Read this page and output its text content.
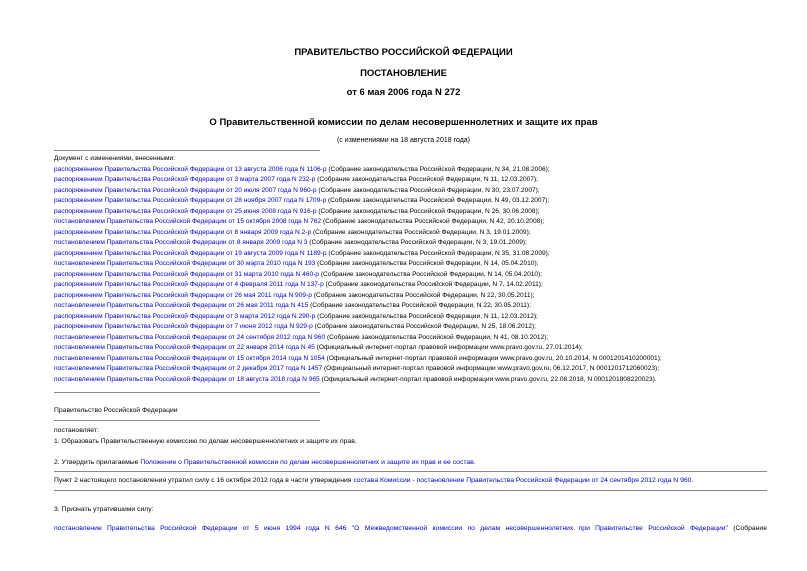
ПРАВИТЕЛЬСТВО РОССИЙСКОЙ ФЕДЕРАЦИИ
ПОСТАНОВЛЕНИЕ
от 6 мая 2006 года N 272
О Правительственной комиссии по делам несовершеннолетних и защите их прав
(с изменениями на 18 августа 2018 года)
Документ с изменениями, внесенными:
распоряжением Правительства Российской Федерации от 13 августа 2006 года N 1106-р (Собрание законодательства Российской Федерации, N 34, 21.08.2006);
распоряжением Правительства Российской Федерации от 3 марта 2007 года N 232-р (Собрание законодательства Российской Федерации, N 11, 12.03.2007);
распоряжением Правительства Российской Федерации от 20 июля 2007 года N 960-р (Собрание законодательства Российской Федерации, N 30, 23.07.2007);
распоряжением Правительства Российской Федерации от 28 ноября 2007 года N 1709-р (Собрание законодательства Российской Федерации, N 49, 03.12.2007);
распоряжением Правительства Российской Федерации от 25 июня 2008 года N 916-р (Собрание законодательства Российской Федерации, N 26, 30.06.2008);
постановлением Правительства Российской Федерации от 15 октября 2008 года N 762 (Собрание законодательства Российской Федерации, N 42, 20.10.2008);
распоряжением Правительства Российской Федерации от 8 января 2009 года N 2-р (Собрание законодательства Российской Федерации, N 3, 19.01.2009);
постановлением Правительства Российской Федерации от 8 января 2009 года N 3 (Собрание законодательства Российской Федерации, N 3, 19.01.2009);
распоряжением Правительства Российской Федерации от 19 августа 2009 года N 1189-р (Собрание законодательства Российской Федерации, N 35, 31.08.2009);
постановлением Правительства Российской Федерации от 30 марта 2010 года N 193 (Собрание законодательства Российской Федерации, N 14, 05.04.2010);
распоряжением Правительства Российской Федерации от 31 марта 2010 года N 460-р (Собрание законодательства Российской Федерации, N 14, 05.04.2010);
распоряжением Правительства Российской Федерации от 4 февраля 2011 года N 137-р (Собрание законодательства Российской Федерации, N 7, 14.02.2011);
распоряжением Правительства Российской Федерации от 26 мая 2011 года N 909-р (Собрание законодательства Российской Федерации, N 22, 30.05.2011);
постановлением Правительства Российской Федерации от 26 мая 2011 года N 415 (Собрание законодательства Российской Федерации, N 22, 30.05.2011);
распоряжением Правительства Российской Федерации от 3 марта 2012 года N 290-р (Собрание законодательства Российской Федерации, N 11, 12.03.2012);
распоряжением Правительства Российской Федерации от 7 июня 2012 года N 929-р (Собрание законодательства Российской Федерации, N 25, 18.06.2012);
постановлением Правительства Российской Федерации от 24 сентября 2012 года N 960 (Собрание законодательства Российской Федерации, N 41, 08.10.2012);
постановлением Правительства Российской Федерации от 22 января 2014 года N 45 (Официальный интернет-портал правовой информации www.pravo.gov.ru, 27.01.2014);
постановлением Правительства Российской Федерации от 15 октября 2014 года N 1054 (Официальный интернет-портал правовой информации www.pravo.gov.ru, 20.10.2014, N 0001201410200001);
постановлением Правительства Российской Федерации от 2 декабря 2017 года N 1457 (Официальный интернет-портал правовой информации www.pravo.gov.ru, 06.12.2017, N 0001201712060023);
постановлением Правительства Российской Федерации от 18 августа 2018 года N 965 (Официальный интернет-портал правовой информации www.pravo.gov.ru, 22.08.2018, N 0001201808220023).
Правительство Российской Федерации
постановляет:
1. Образовать Правительственную комиссию по делам несовершеннолетних и защите их прав.
2. Утвердить прилагаемые Положение о Правительственной комиссии по делам несовершеннолетних и защите их прав и ее состав.
Пункт 2 настоящего постановления утратил силу с 16 октября 2012 года в части утверждения состава Комиссии - постановление Правительства Российской Федерации от 24 сентября 2012 года N 960.
3. Признать утратившими силу:
постановление Правительства Российской Федерации от 5 июня 1994 года N 646 "О Межведомственной комиссии по делам несовершеннолетних при Правительстве Российской Федерации" (Собрание
